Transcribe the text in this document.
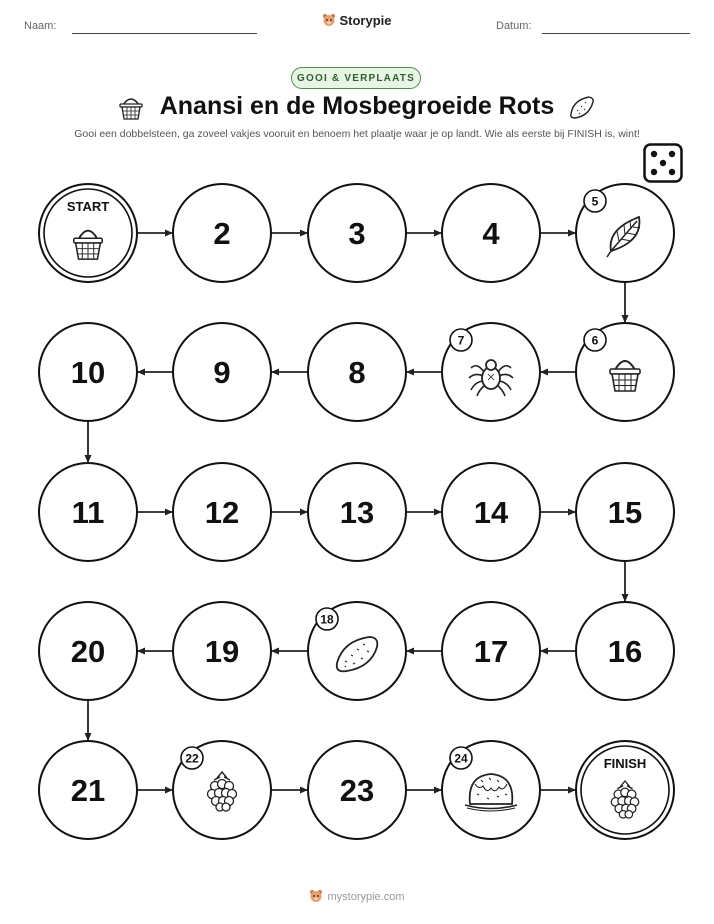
Naam:	Storypie	Datum:
GOOI & VERPLAATS
Anansi en de Mosbegroeide Rots
Gooi een dobbelsteen, ga zoveel vakjes vooruit en benoem het plaatje waar je op landt. Wie als eerste bij FINISH is, wint!
START
2	3	4
5
6
7
8
9
10
11	12	13	14	15
16
17
18
19
20
21
22
23
24	FINISH
mystorypie.com
